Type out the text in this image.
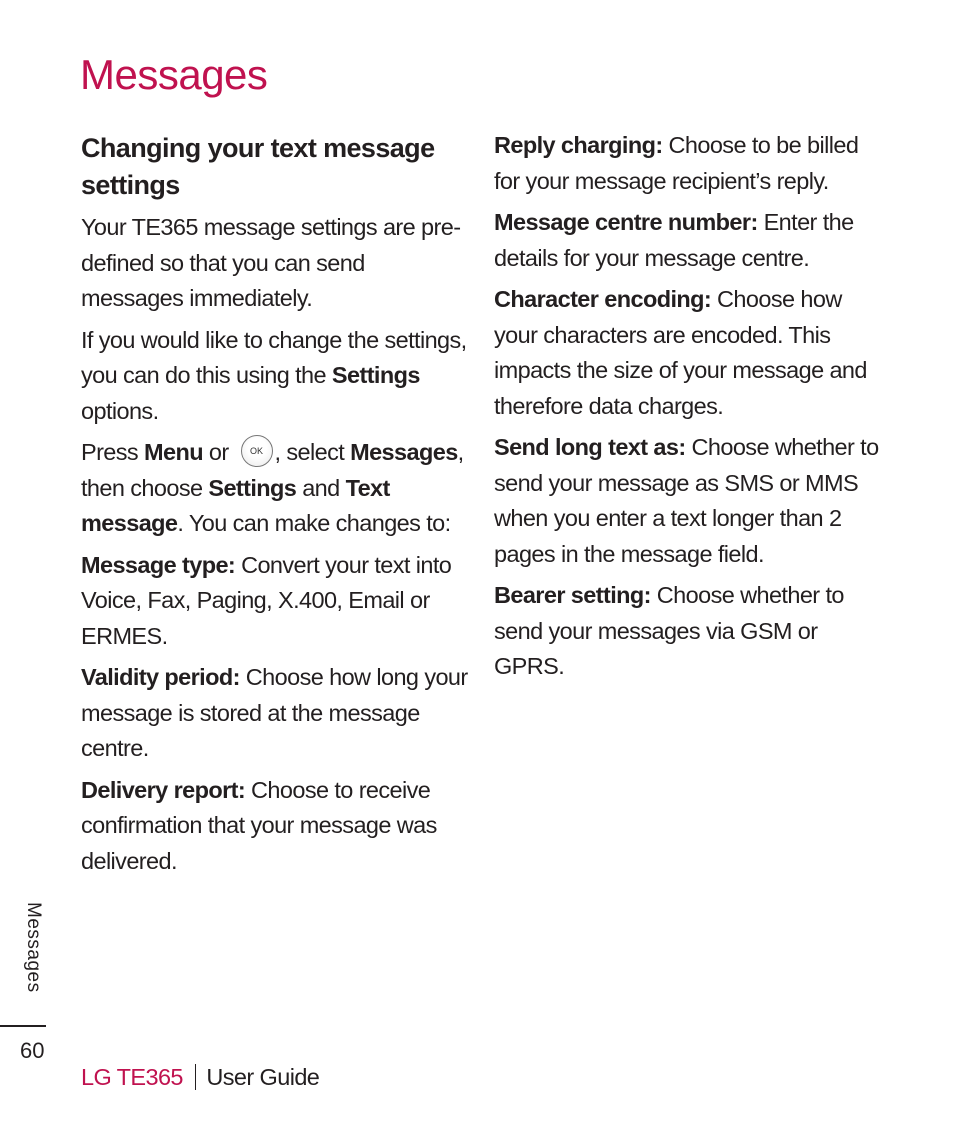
Messages
Changing your text message settings

Your TE365 message settings are pre-defined so that you can send messages immediately.

If you would like to change the settings, you can do this using the Settings options.

Press Menu or OK , select Messages, then choose Settings and Text message. You can make changes to:

Message type: Convert your text into Voice, Fax, Paging, X.400, Email or ERMES.

Validity period: Choose how long your message is stored at the message centre.

Delivery report: Choose to receive confirmation that your message was delivered.

Reply charging: Choose to be billed for your message recipient’s reply.

Message centre number: Enter the details for your message centre.

Character encoding: Choose how your characters are encoded. This impacts the size of your message and therefore data charges.

Send long text as: Choose whether to send your message as SMS or MMS when you enter a text longer than 2 pages in the message field.

Bearer setting: Choose whether to send your messages via GSM or GPRS.

Messages
60
LG TE365 User Guide
